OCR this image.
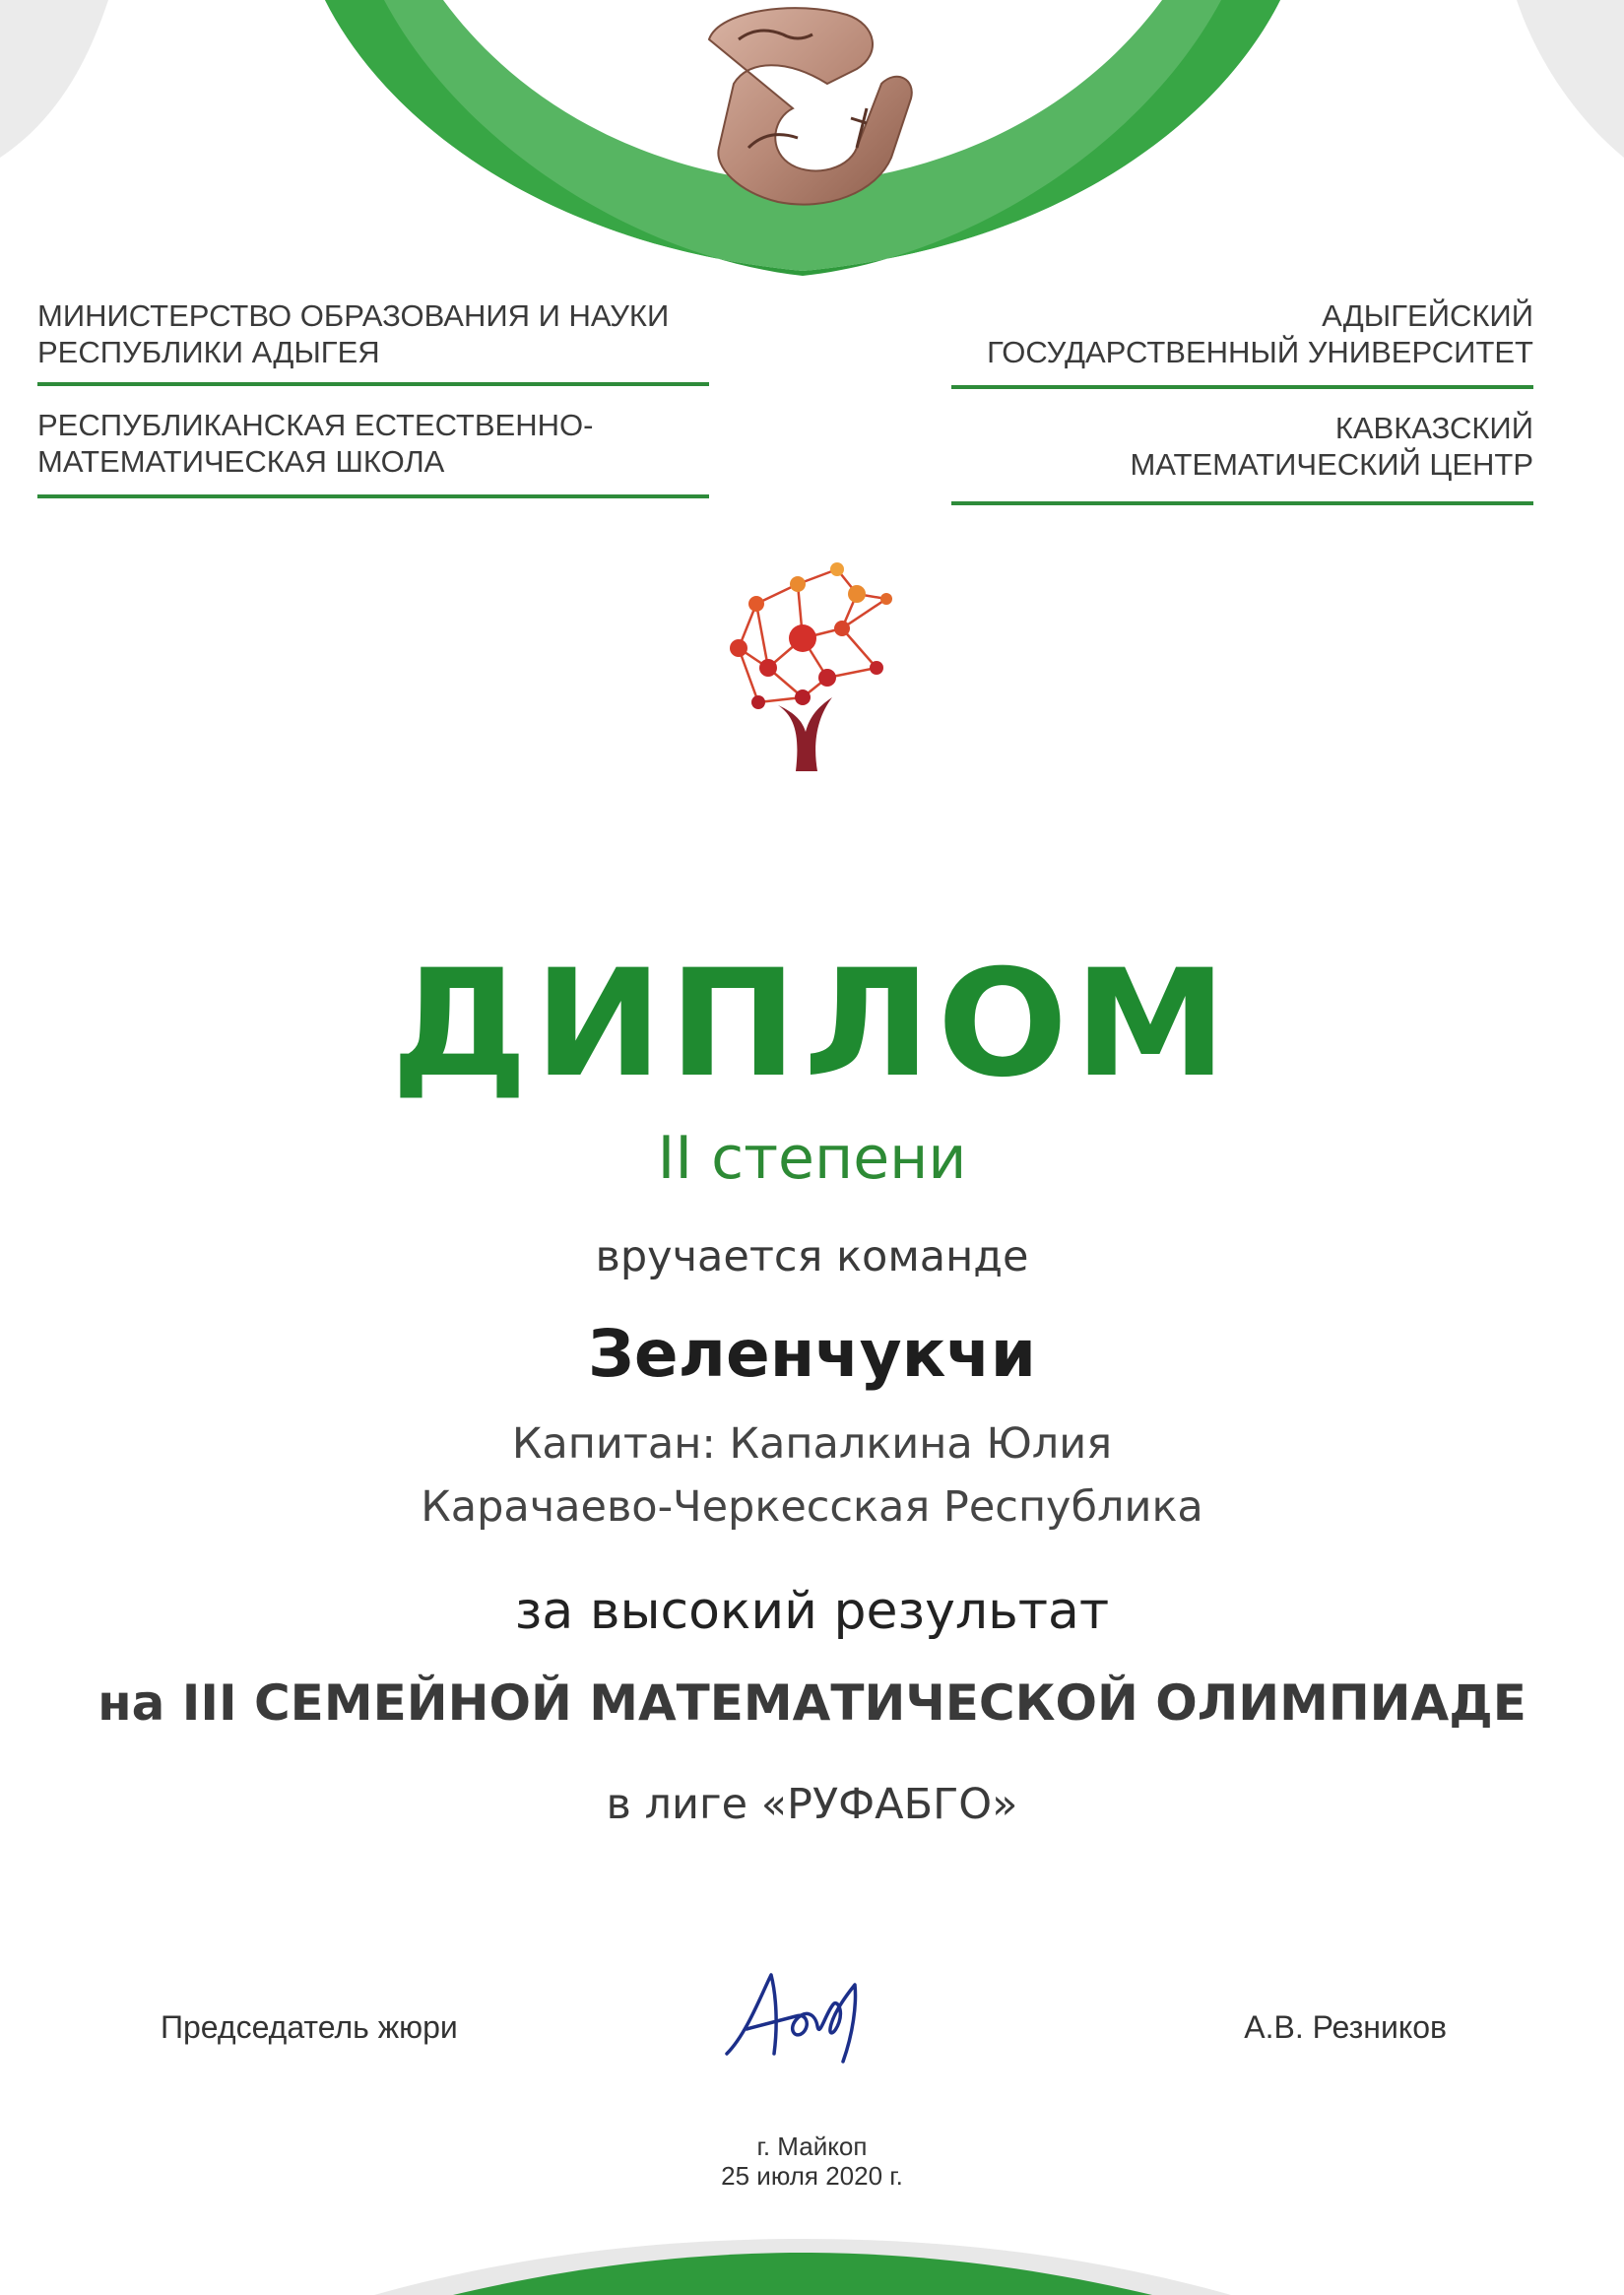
МИНИСТЕРСТВО ОБРАЗОВАНИЯ И НАУКИ
РЕСПУБЛИКИ АДЫГЕЯ
РЕСПУБЛИКАНСКАЯ ЕСТЕСТВЕННО-
МАТЕМАТИЧЕСКАЯ ШКОЛА
АДЫГЕЙСКИЙ
ГОСУДАРСТВЕННЫЙ УНИВЕРСИТЕТ
КАВКАЗСКИЙ
МАТЕМАТИЧЕСКИЙ ЦЕНТР
ДИПЛОМ
II степени
вручается команде
Зеленчукчи
Капитан: Капалкина Юлия
Карачаево-Черкесская Республика
за высокий результат
на III СЕМЕЙНОЙ МАТЕМАТИЧЕСКОЙ ОЛИМПИАДЕ
в лиге «РУФАБГО»
Председатель жюри	А.В. Резников
г. Майкоп
25 июля 2020 г.
